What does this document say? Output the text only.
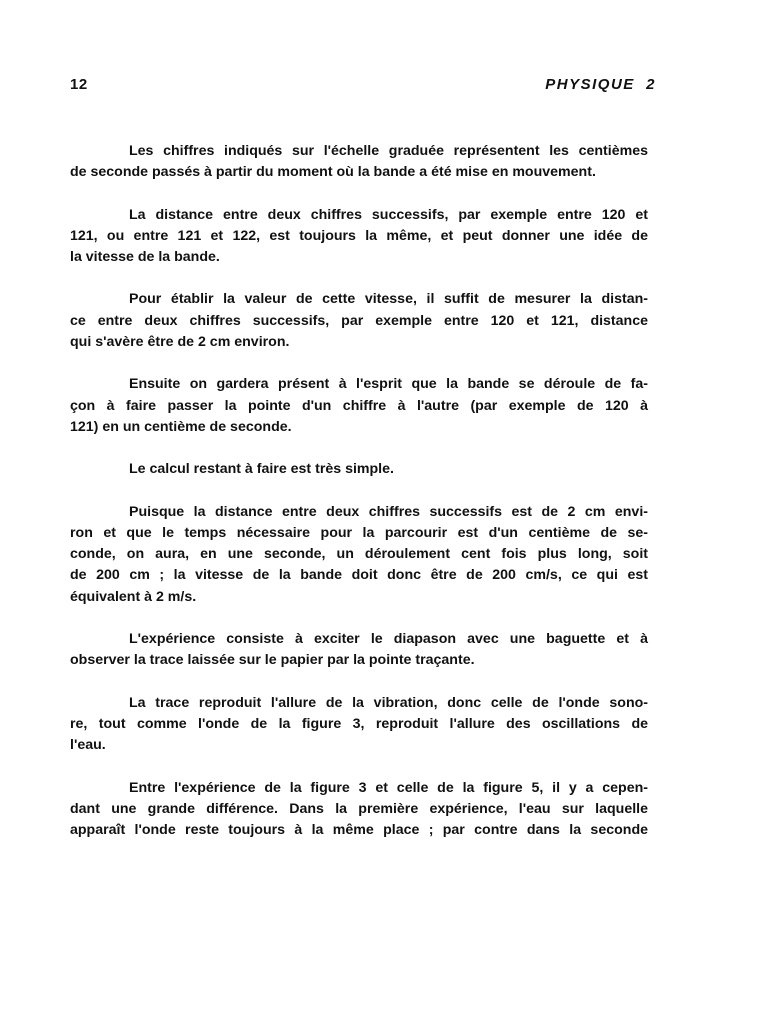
12	PHYSIQUE  2

Les chiffres indiqués sur l'échelle graduée représentent les centièmes
de seconde passés à partir du moment où la bande a été mise en mouvement.

La distance entre deux chiffres successifs, par exemple entre 120 et
121, ou entre 121 et 122, est toujours la même, et peut donner une idée de
la vitesse de la bande.

Pour établir la valeur de cette vitesse, il suffit de mesurer la distan-
ce entre deux chiffres successifs, par exemple entre 120 et 121, distance
qui s'avère être de 2 cm environ.

Ensuite on gardera présent à l'esprit que la bande se déroule de fa-
çon à faire passer la pointe d'un chiffre à l'autre (par exemple de 120 à
121) en un centième de seconde.

Le calcul restant à faire est très simple.

Puisque la distance entre deux chiffres successifs est de 2 cm envi-
ron et que le temps nécessaire pour la parcourir est d'un centième de se-
conde, on aura, en une seconde, un déroulement cent fois plus long, soit
de 200 cm ; la vitesse de la bande doit donc être de 200 cm/s, ce qui est
équivalent à 2 m/s.

L'expérience consiste à exciter le diapason avec une baguette et à
observer la trace laissée sur le papier par la pointe traçante.

La trace reproduit l'allure de la vibration, donc celle de l'onde sono-
re, tout comme l'onde de la figure 3, reproduit l'allure des oscillations de
l'eau.

Entre l'expérience de la figure 3 et celle de la figure 5, il y a cepen-
dant une grande différence. Dans la première expérience, l'eau sur laquelle
apparaît l'onde reste toujours à la même place ; par contre dans la seconde
